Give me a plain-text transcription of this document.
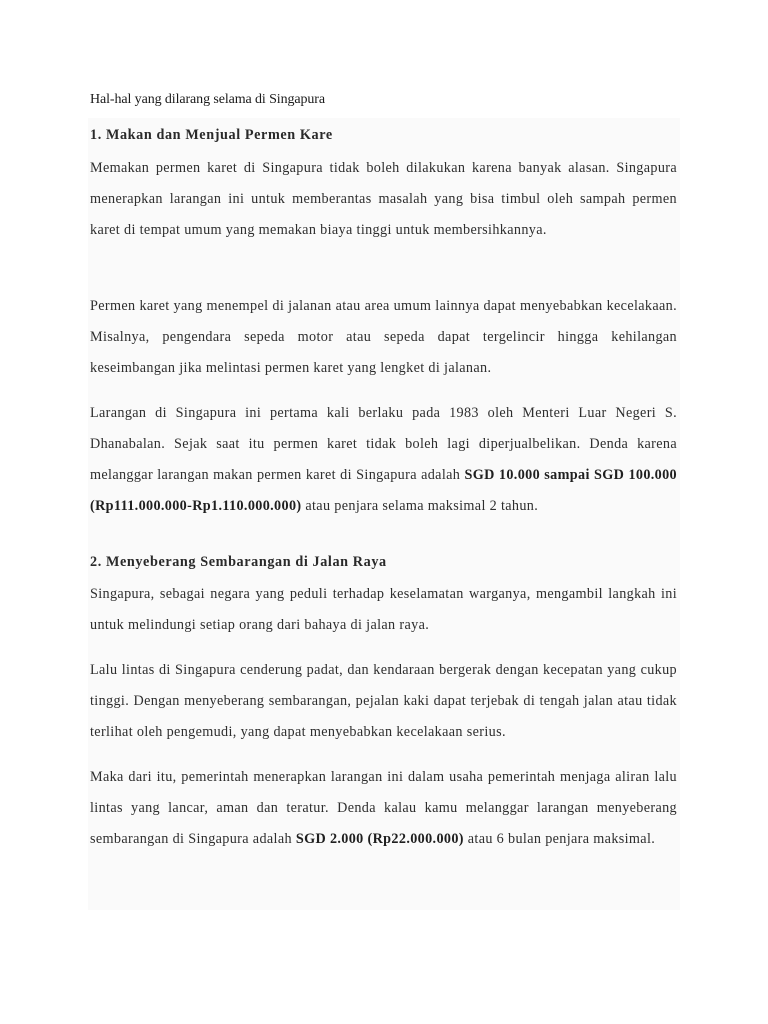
Hal-hal yang dilarang selama di Singapura
1. Makan dan Menjual Permen Kare

Memakan permen karet di Singapura tidak boleh dilakukan karena banyak alasan. Singapura menerapkan larangan ini untuk memberantas masalah yang bisa timbul oleh sampah permen karet di tempat umum yang memakan biaya tinggi untuk membersihkannya.

Permen karet yang menempel di jalanan atau area umum lainnya dapat menyebabkan kecelakaan. Misalnya, pengendara sepeda motor atau sepeda dapat tergelincir hingga kehilangan keseimbangan jika melintasi permen karet yang lengket di jalanan.

Larangan di Singapura ini pertama kali berlaku pada 1983 oleh Menteri Luar Negeri S. Dhanabalan. Sejak saat itu permen karet tidak boleh lagi diperjualbelikan. Denda karena melanggar larangan makan permen karet di Singapura adalah SGD 10.000 sampai SGD 100.000 (Rp111.000.000-Rp1.110.000.000) atau penjara selama maksimal 2 tahun.

2. Menyeberang Sembarangan di Jalan Raya

Singapura, sebagai negara yang peduli terhadap keselamatan warganya, mengambil langkah ini untuk melindungi setiap orang dari bahaya di jalan raya.

Lalu lintas di Singapura cenderung padat, dan kendaraan bergerak dengan kecepatan yang cukup tinggi. Dengan menyeberang sembarangan, pejalan kaki dapat terjebak di tengah jalan atau tidak terlihat oleh pengemudi, yang dapat menyebabkan kecelakaan serius.

Maka dari itu, pemerintah menerapkan larangan ini dalam usaha pemerintah menjaga aliran lalu lintas yang lancar, aman dan teratur. Denda kalau kamu melanggar larangan menyeberang sembarangan di Singapura adalah SGD 2.000 (Rp22.000.000) atau 6 bulan penjara maksimal.
